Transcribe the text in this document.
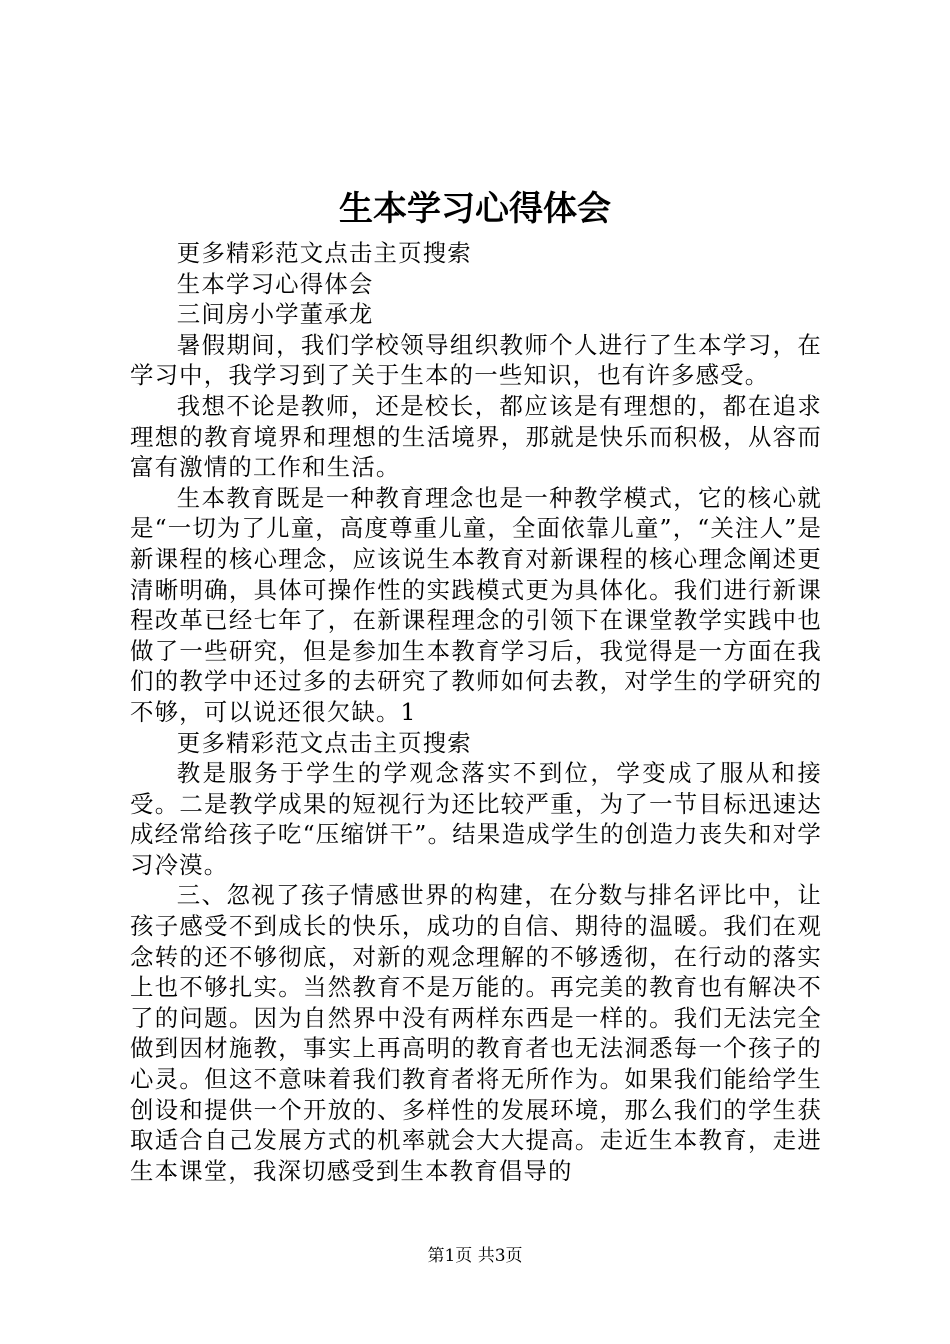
生本学习心得体会

更多精彩范文点击主页搜索

生本学习心得体会

三间房小学董承龙

暑假期间，我们学校领导组织教师个人进行了生本学习，在学习中，我学习到了关于生本的一些知识，也有许多感受。

我想不论是教师，还是校长，都应该是有理想的，都在追求理想的教育境界和理想的生活境界，那就是快乐而积极，从容而富有激情的工作和生活。

生本教育既是一种教育理念也是一种教学模式，它的核心就是“一切为了儿童，高度尊重儿童，全面依靠儿童”，“关注人”是新课程的核心理念，应该说生本教育对新课程的核心理念阐述更清晰明确，具体可操作性的实践模式更为具体化。我们进行新课程改革已经七年了，在新课程理念的引领下在课堂教学实践中也做了一些研究，但是参加生本教育学习后，我觉得是一方面在我们的教学中还过多的去研究了教师如何去教，对学生的学研究的不够，可以说还很欠缺。1

更多精彩范文点击主页搜索

教是服务于学生的学观念落实不到位，学变成了服从和接受。二是教学成果的短视行为还比较严重，为了一节目标迅速达成经常给孩子吃“压缩饼干”。结果造成学生的创造力丧失和对学习冷漠。

三、忽视了孩子情感世界的构建，在分数与排名评比中，让孩子感受不到成长的快乐，成功的自信、期待的温暖。我们在观念转的还不够彻底，对新的观念理解的不够透彻，在行动的落实上也不够扎实。当然教育不是万能的。再完美的教育也有解决不了的问题。因为自然界中没有两样东西是一样的。我们无法完全做到因材施教，事实上再高明的教育者也无法洞悉每一个孩子的心灵。但这不意味着我们教育者将无所作为。如果我们能给学生创设和提供一个开放的、多样性的发展环境，那么我们的学生获取适合自己发展方式的机率就会大大提高。走近生本教育，走进生本课堂，我深切感受到生本教育倡导的

第1页 共3页
